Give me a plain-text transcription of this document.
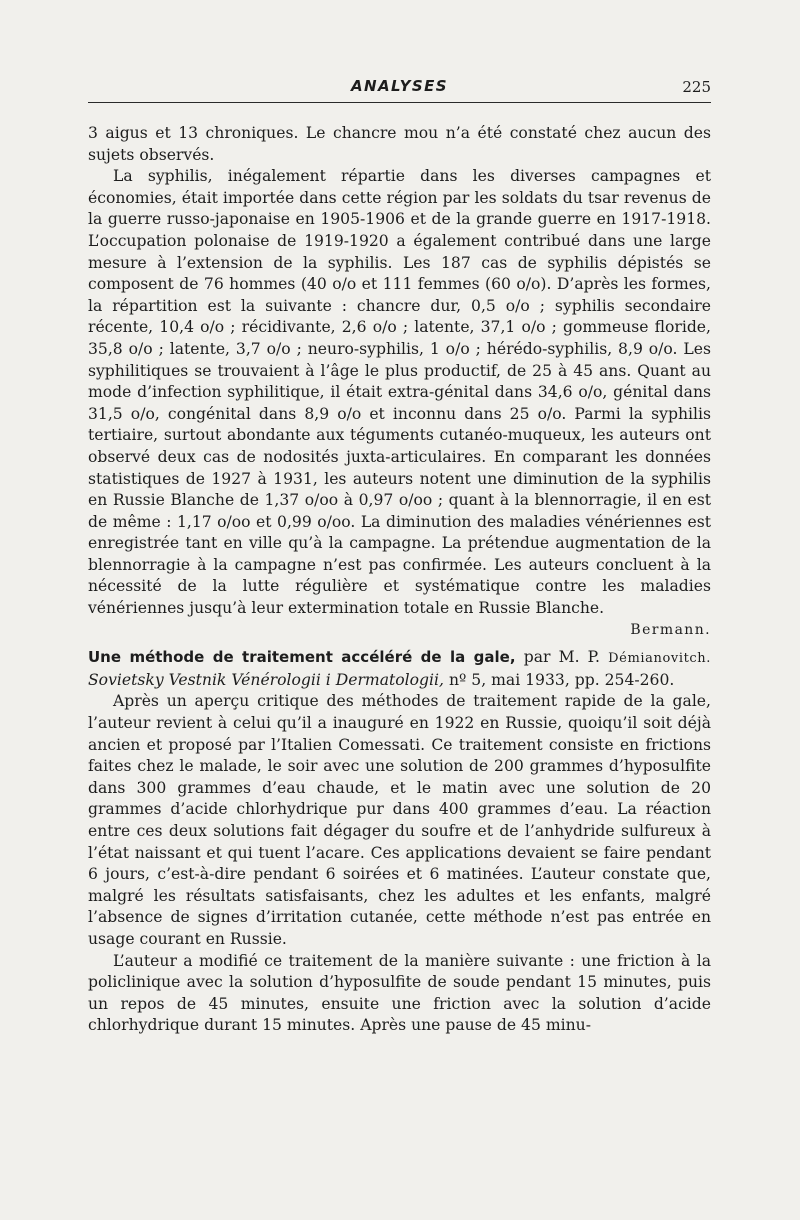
ANALYSES	225

3 aigus et 13 chroniques. Le chancre mou n’a été constaté chez aucun des sujets observés.

La syphilis, inégalement répartie dans les diverses campagnes et économies, était importée dans cette région par les soldats du tsar revenus de la guerre russo-japonaise en 1905-1906 et de la grande guerre en 1917-1918. L’occupation polonaise de 1919-1920 a également contribué dans une large mesure à l’extension de la syphilis. Les 187 cas de syphilis dépistés se composent de 76 hommes (40 o/o et 111 femmes (60 o/o). D’après les formes, la répartition est la suivante : chancre dur, 0,5 o/o ; syphilis secondaire récente, 10,4 o/o ; récidivante, 2,6 o/o ; latente, 37,1 o/o ; gommeuse floride, 35,8 o/o ; latente, 3,7 o/o ; neuro-syphilis, 1 o/o ; hérédo-syphilis, 8,9 o/o. Les syphilitiques se trouvaient à l’âge le plus productif, de 25 à 45 ans. Quant au mode d’infection syphilitique, il était extra-génital dans 34,6 o/o, génital dans 31,5 o/o, congénital dans 8,9 o/o et inconnu dans 25 o/o. Parmi la syphilis tertiaire, surtout abondante aux téguments cutanéo-muqueux, les auteurs ont observé deux cas de nodosités juxta-articulaires. En comparant les données statistiques de 1927 à 1931, les auteurs notent une diminution de la syphilis en Russie Blanche de 1,37 o/oo à 0,97 o/oo ; quant à la blennorragie, il en est de même : 1,17 o/oo et 0,99 o/oo. La diminution des maladies vénériennes est enregistrée tant en ville qu’à la campagne. La prétendue augmentation de la blennorragie à la campagne n’est pas confirmée. Les auteurs concluent à la nécessité de la lutte régulière et systématique contre les maladies vénériennes jusqu’à leur extermination totale en Russie Blanche.

Bermann.

Une méthode de traitement accéléré de la gale, par M. P. Démianovitch. Sovietsky Vestnik Vénérologii i Dermatologii, nº 5, mai 1933, pp. 254-260.

Après un aperçu critique des méthodes de traitement rapide de la gale, l’auteur revient à celui qu’il a inauguré en 1922 en Russie, quoiqu’il soit déjà ancien et proposé par l’Italien Comessati. Ce traitement consiste en frictions faites chez le malade, le soir avec une solution de 200 grammes d’hyposulfite dans 300 grammes d’eau chaude, et le matin avec une solution de 20 grammes d’acide chlorhydrique pur dans 400 grammes d’eau. La réaction entre ces deux solutions fait dégager du soufre et de l’anhydride sulfureux à l’état naissant et qui tuent l’acare. Ces applications devaient se faire pendant 6 jours, c’est-à-dire pendant 6 soirées et 6 matinées. L’auteur constate que, malgré les résultats satisfaisants, chez les adultes et les enfants, malgré l’absence de signes d’irritation cutanée, cette méthode n’est pas entrée en usage courant en Russie.

L’auteur a modifié ce traitement de la manière suivante : une friction à la policlinique avec la solution d’hyposulfite de soude pendant 15 minutes, puis un repos de 45 minutes, ensuite une friction avec la solution d’acide chlorhydrique durant 15 minutes. Après une pause de 45 minu-
